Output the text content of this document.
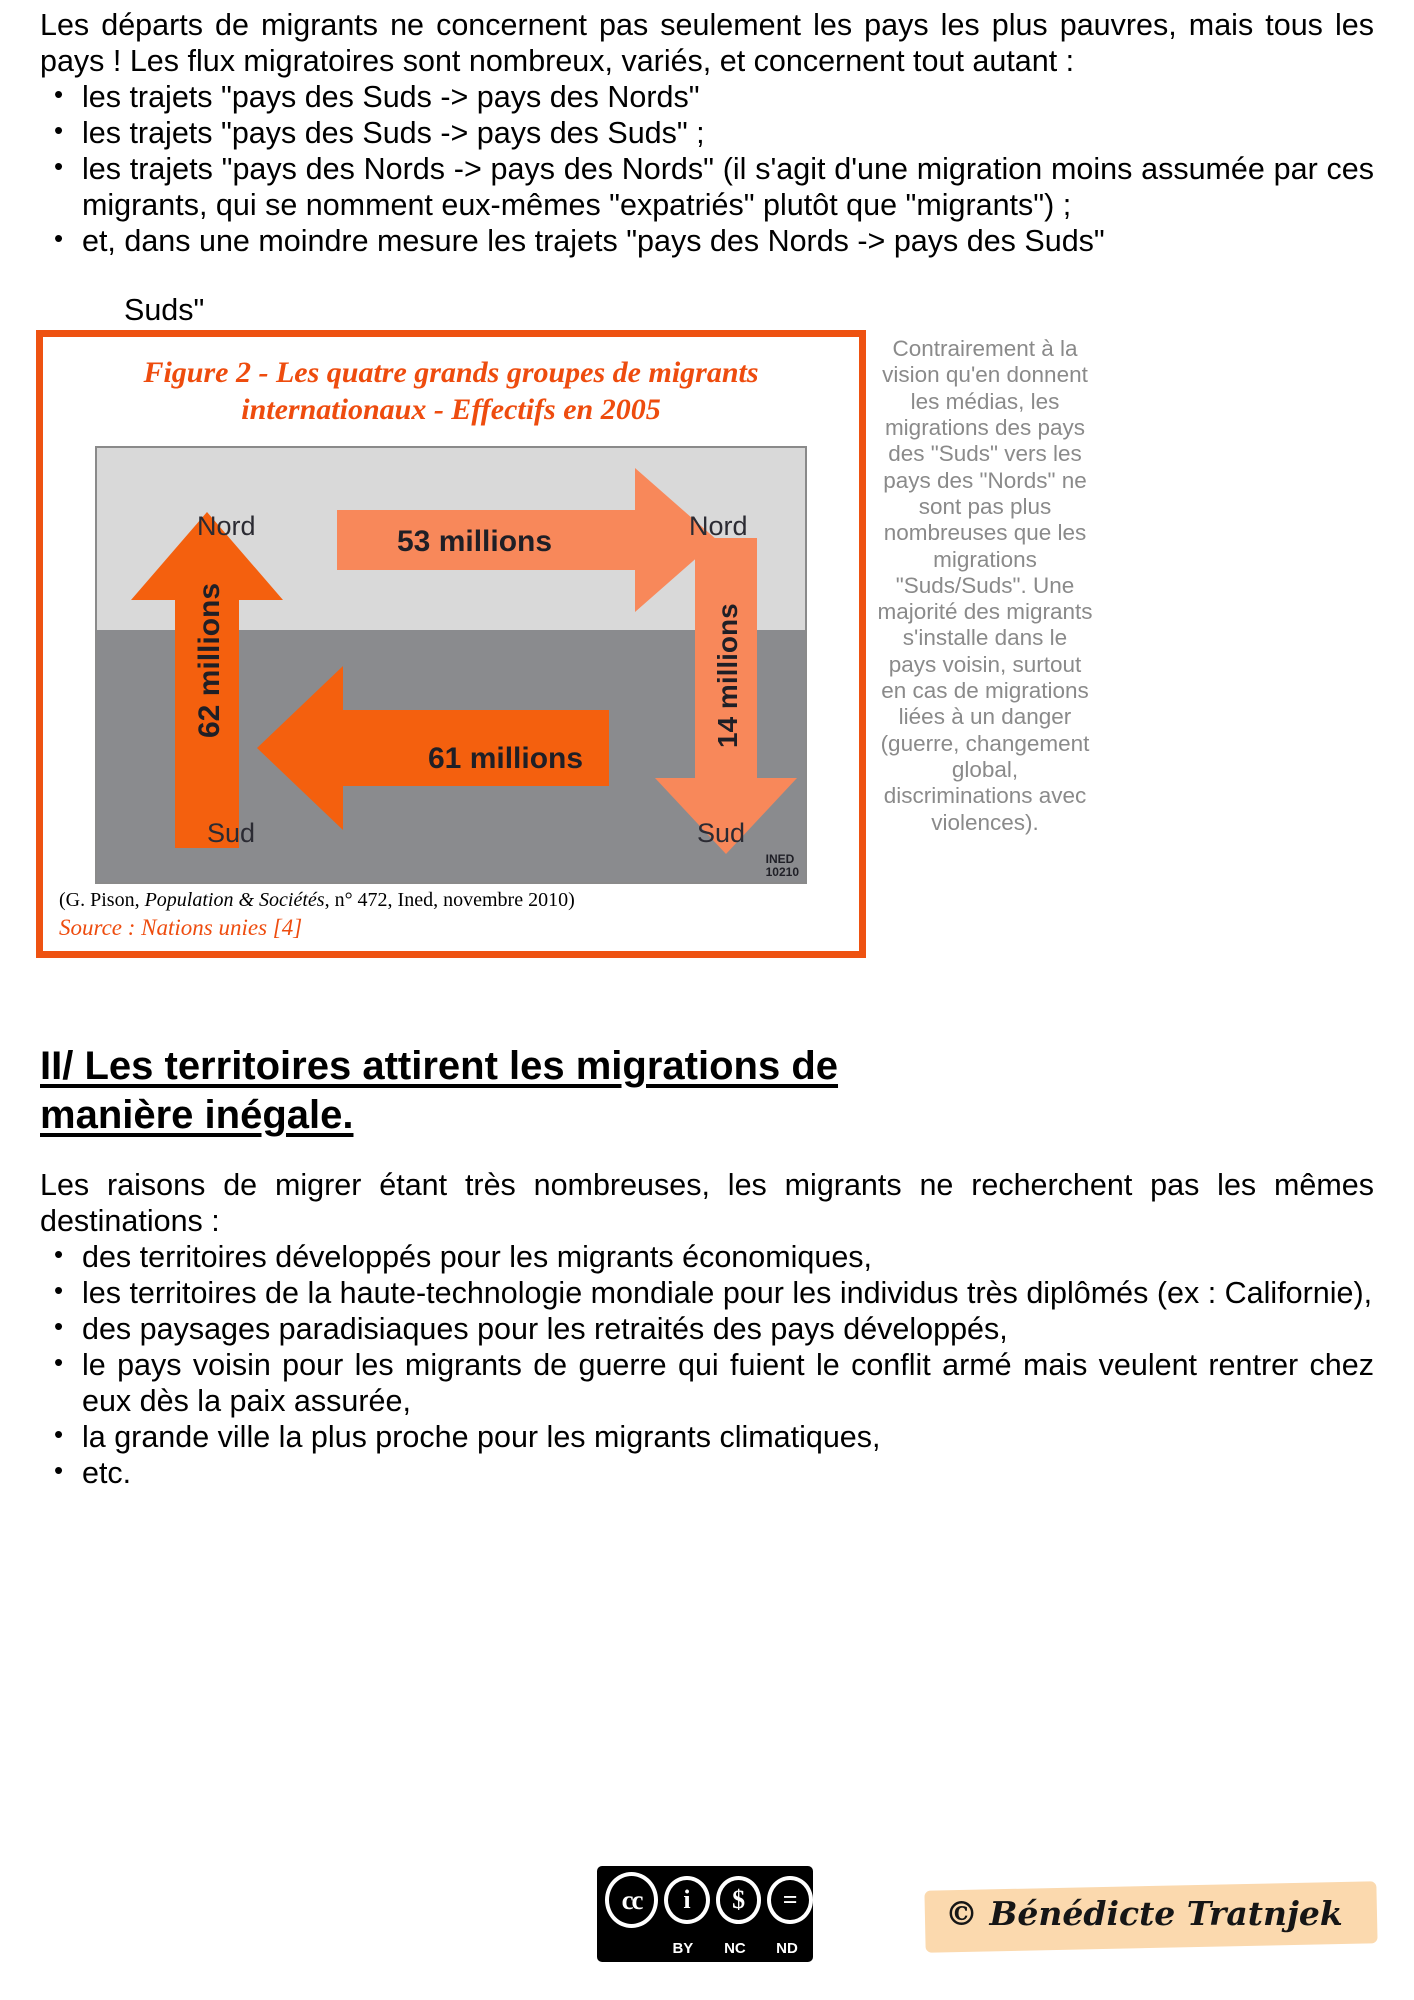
Les départs de migrants ne concernent pas seulement les pays les plus pauvres, mais tous les pays ! Les flux migratoires sont nombreux, variés, et concernent tout autant :

• les trajets "pays des Suds -> pays des Nords"
• les trajets "pays des Suds -> pays des Suds" ;
• les trajets "pays des Nords -> pays des Nords" (il s'agit d'une migration moins assumée par ces migrants, qui se nomment eux-mêmes "expatriés" plutôt que "migrants") ;
• et, dans une moindre mesure les trajets "pays des Nords -> pays des Suds"
Figure 2 - Les quatre grands groupes de migrants
internationaux - Effectifs en 2005
53 millions
61 millions
62 millions	14 millions
Nord	Nord
Sud	Sud
INED
10210
(G. Pison, Population & Sociétés, n° 472, Ined, novembre 2010)
Source : Nations unies [4]
Contrairement à la vision qu'en donnent les médias, les migrations des pays des "Suds" vers les pays des "Nords" ne sont pas plus nombreuses que les migrations "Suds/Suds". Une majorité des migrants s'installe dans le pays voisin, surtout en cas de migrations liées à un danger (guerre, changement global, discriminations avec violences).
Suds"
II/ Les territoires attirent les migrations de
manière inégale.

Les raisons de migrer étant très nombreuses, les migrants ne recherchent pas les mêmes destinations :

• des territoires développés pour les migrants économiques,
• les territoires de la haute-technologie mondiale pour les individus très diplômés (ex : Californie),
• des paysages paradisiaques pour les retraités des pays développés,
• le pays voisin pour les migrants de guerre qui fuient le conflit armé mais veulent rentrer chez eux dès la paix assurée,
• la grande ville la plus proche pour les migrants climatiques,
• etc.
cc	i	$	=
BY	NC	ND
© Bénédicte Tratnjek
